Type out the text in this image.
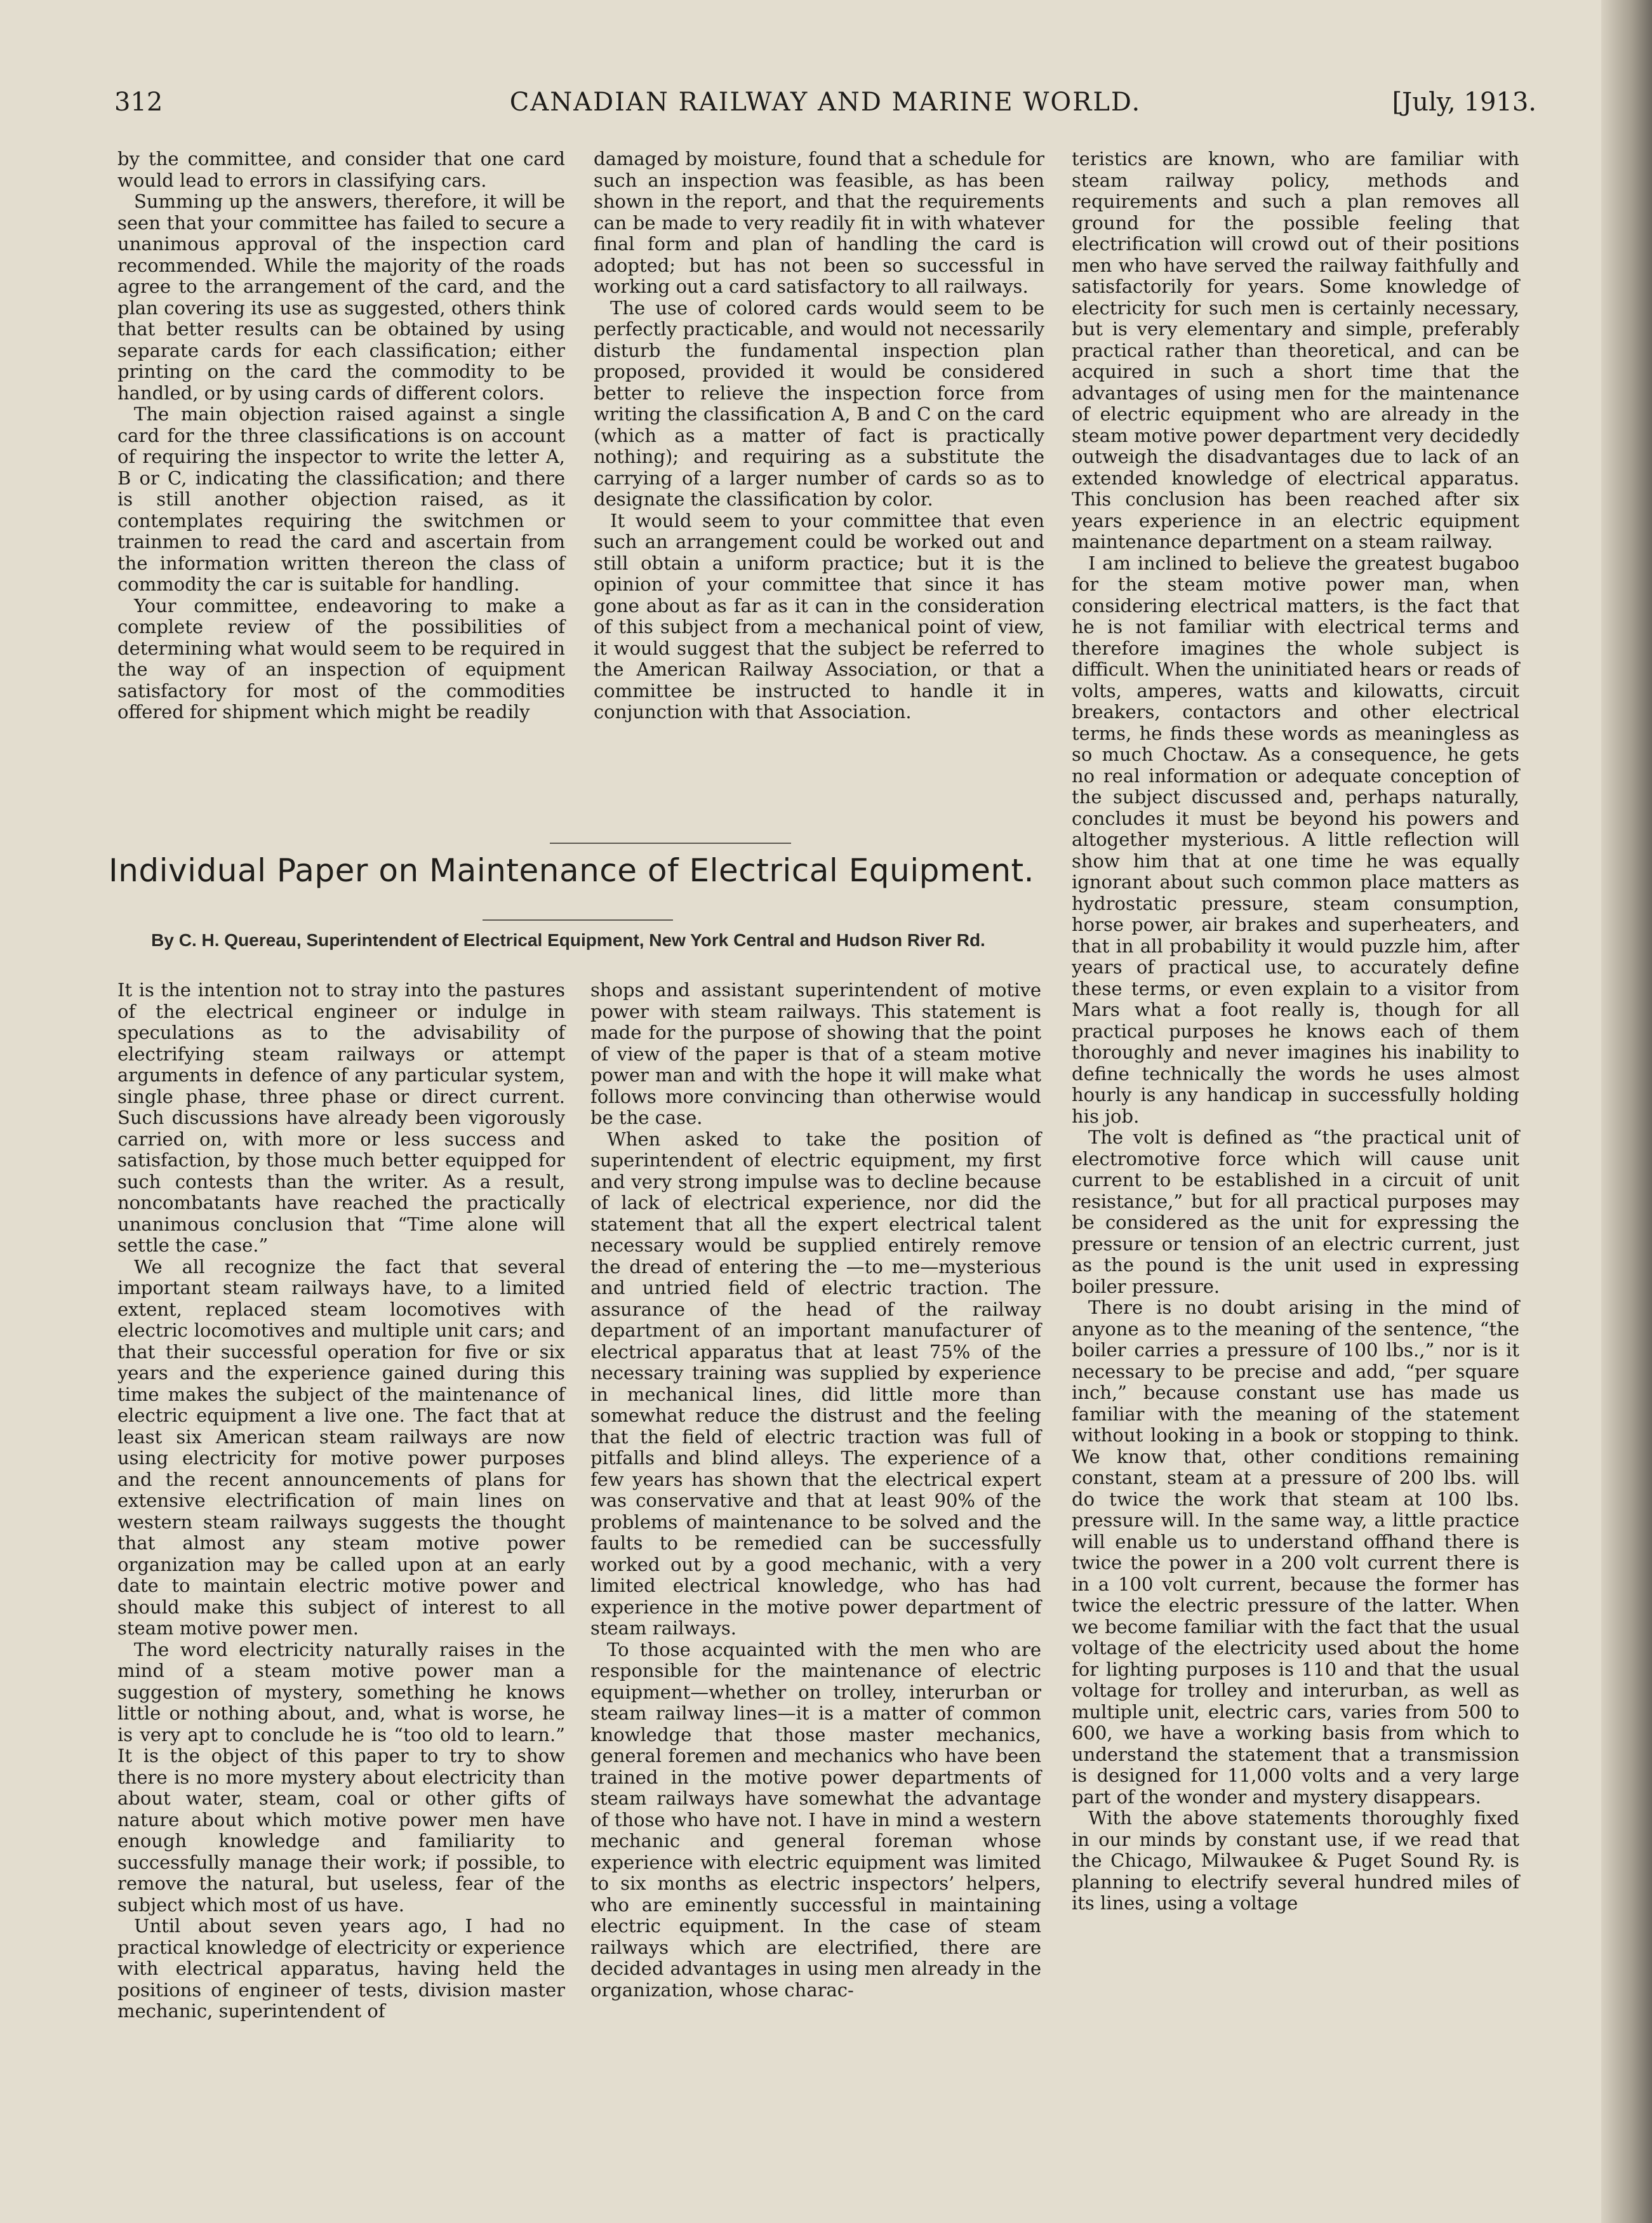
312	CANADIAN RAILWAY AND MARINE WORLD.	[July, 1913.

by the committee, and consider that one card would lead to errors in classifying cars.

Summing up the answers, therefore, it will be seen that your committee has failed to secure a unanimous approval of the inspection card recommended. While the majority of the roads agree to the arrangement of the card, and the plan covering its use as suggested, others think that better results can be obtained by using separate cards for each classification; either printing on the card the commodity to be handled, or by using cards of different colors.

The main objection raised against a single card for the three classifications is on account of requiring the inspector to write the letter A, B or C, indicating the classification; and there is still another objection raised, as it contemplates requiring the switchmen or trainmen to read the card and ascertain from the information written thereon the class of commodity the car is suitable for handling.

Your committee, endeavoring to make a complete review of the possibilities of determining what would seem to be required in the way of an inspection of equipment satisfactory for most of the commodities offered for shipment which might be readily

damaged by moisture, found that a schedule for such an inspection was feasible, as has been shown in the report, and that the requirements can be made to very readily fit in with whatever final form and plan of handling the card is adopted; but has not been so successful in working out a card satisfactory to all railways.

The use of colored cards would seem to be perfectly practicable, and would not necessarily disturb the fundamental inspection plan proposed, provided it would be considered better to relieve the inspection force from writing the classification A, B and C on the card (which as a matter of fact is practically nothing); and requiring as a substitute the carrying of a larger number of cards so as to designate the classification by color.

It would seem to your committee that even such an arrangement could be worked out and still obtain a uniform practice; but it is the opinion of your committee that since it has gone about as far as it can in the consideration of this subject from a mechanical point of view, it would suggest that the subject be referred to the American Railway Association, or that a committee be instructed to handle it in conjunction with that Association.

Individual Paper on Maintenance of Electrical Equipment.
By C. H. Quereau, Superintendent of Electrical Equipment, New York Central and Hudson River Rd.

It is the intention not to stray into the pastures of the electrical engineer or indulge in speculations as to the advisability of electrifying steam railways or attempt arguments in defence of any particular system, single phase, three phase or direct current. Such discussions have already been vigorously carried on, with more or less success and satisfaction, by those much better equipped for such contests than the writer. As a result, noncombatants have reached the practically unanimous conclusion that “Time alone will settle the case.”

We all recognize the fact that several important steam railways have, to a limited extent, replaced steam locomotives with electric locomotives and multiple unit cars; and that their successful operation for five or six years and the experience gained during this time makes the subject of the maintenance of electric equipment a live one. The fact that at least six American steam railways are now using electricity for motive power purposes and the recent announcements of plans for extensive electrification of main lines on western steam railways suggests the thought that almost any steam motive power organization may be called upon at an early date to maintain electric motive power and should make this subject of interest to all steam motive power men.

The word electricity naturally raises in the mind of a steam motive power man a suggestion of mystery, something he knows little or nothing about, and, what is worse, he is very apt to conclude he is “too old to learn.” It is the object of this paper to try to show there is no more mystery about electricity than about water, steam, coal or other gifts of nature about which motive power men have enough knowledge and familiarity to successfully manage their work; if possible, to remove the natural, but useless, fear of the subject which most of us have.

Until about seven years ago, I had no practical knowledge of electricity or experience with electrical apparatus, having held the positions of engineer of tests, division master mechanic, superintendent of

shops and assistant superintendent of motive power with steam railways. This statement is made for the purpose of showing that the point of view of the paper is that of a steam motive power man and with the hope it will make what follows more convincing than otherwise would be the case.

When asked to take the position of superintendent of electric equipment, my first and very strong impulse was to decline because of lack of electrical experience, nor did the statement that all the expert electrical talent necessary would be supplied entirely remove the dread of entering the —to me—mysterious and untried field of electric traction. The assurance of the head of the railway department of an important manufacturer of electrical apparatus that at least 75% of the necessary training was supplied by experience in mechanical lines, did little more than somewhat reduce the distrust and the feeling that the field of electric traction was full of pitfalls and blind alleys. The experience of a few years has shown that the electrical expert was conservative and that at least 90% of the problems of maintenance to be solved and the faults to be remedied can be successfully worked out by a good mechanic, with a very limited electrical knowledge, who has had experience in the motive power department of steam railways.

To those acquainted with the men who are responsible for the maintenance of electric equipment—whether on trolley, interurban or steam railway lines—it is a matter of common knowledge that those master mechanics, general foremen and mechanics who have been trained in the motive power departments of steam railways have somewhat the advantage of those who have not. I have in mind a western mechanic and general foreman whose experience with electric equipment was limited to six months as electric inspectors’ helpers, who are eminently successful in maintaining electric equipment. In the case of steam railways which are electrified, there are decided advantages in using men already in the organization, whose charac-

teristics are known, who are familiar with steam railway policy, methods and requirements and such a plan removes all ground for the possible feeling that electrification will crowd out of their positions men who have served the railway faithfully and satisfactorily for years. Some knowledge of electricity for such men is certainly necessary, but is very elementary and simple, preferably practical rather than theoretical, and can be acquired in such a short time that the advantages of using men for the maintenance of electric equipment who are already in the steam motive power department very decidedly outweigh the disadvantages due to lack of an extended knowledge of electrical apparatus. This conclusion has been reached after six years experience in an electric equipment maintenance department on a steam railway.

I am inclined to believe the greatest bugaboo for the steam motive power man, when considering electrical matters, is the fact that he is not familiar with electrical terms and therefore imagines the whole subject is difficult. When the uninitiated hears or reads of volts, amperes, watts and kilowatts, circuit breakers, contactors and other electrical terms, he finds these words as meaningless as so much Choctaw. As a consequence, he gets no real information or adequate conception of the subject discussed and, perhaps naturally, concludes it must be beyond his powers and altogether mysterious. A little reflection will show him that at one time he was equally ignorant about such common place matters as hydrostatic pressure, steam consumption, horse power, air brakes and superheaters, and that in all probability it would puzzle him, after years of practical use, to accurately define these terms, or even explain to a visitor from Mars what a foot really is, though for all practical purposes he knows each of them thoroughly and never imagines his inability to define technically the words he uses almost hourly is any handicap in successfully holding his job.

The volt is defined as “the practical unit of electromotive force which will cause unit current to be established in a circuit of unit resistance,” but for all practical purposes may be considered as the unit for expressing the pressure or tension of an electric current, just as the pound is the unit used in expressing boiler pressure.

There is no doubt arising in the mind of anyone as to the meaning of the sentence, “the boiler carries a pressure of 100 lbs.,” nor is it necessary to be precise and add, “per square inch,” because constant use has made us familiar with the meaning of the statement without looking in a book or stopping to think. We know that, other conditions remaining constant, steam at a pressure of 200 lbs. will do twice the work that steam at 100 lbs. pressure will. In the same way, a little practice will enable us to understand offhand there is twice the power in a 200 volt current there is in a 100 volt current, because the former has twice the electric pressure of the latter. When we become familiar with the fact that the usual voltage of the electricity used about the home for lighting purposes is 110 and that the usual voltage for trolley and interurban, as well as multiple unit, electric cars, varies from 500 to 600, we have a working basis from which to understand the statement that a transmission is designed for 11,000 volts and a very large part of the wonder and mystery disappears.

With the above statements thoroughly fixed in our minds by constant use, if we read that the Chicago, Milwaukee & Puget Sound Ry. is planning to electrify several hundred miles of its lines, using a voltage
